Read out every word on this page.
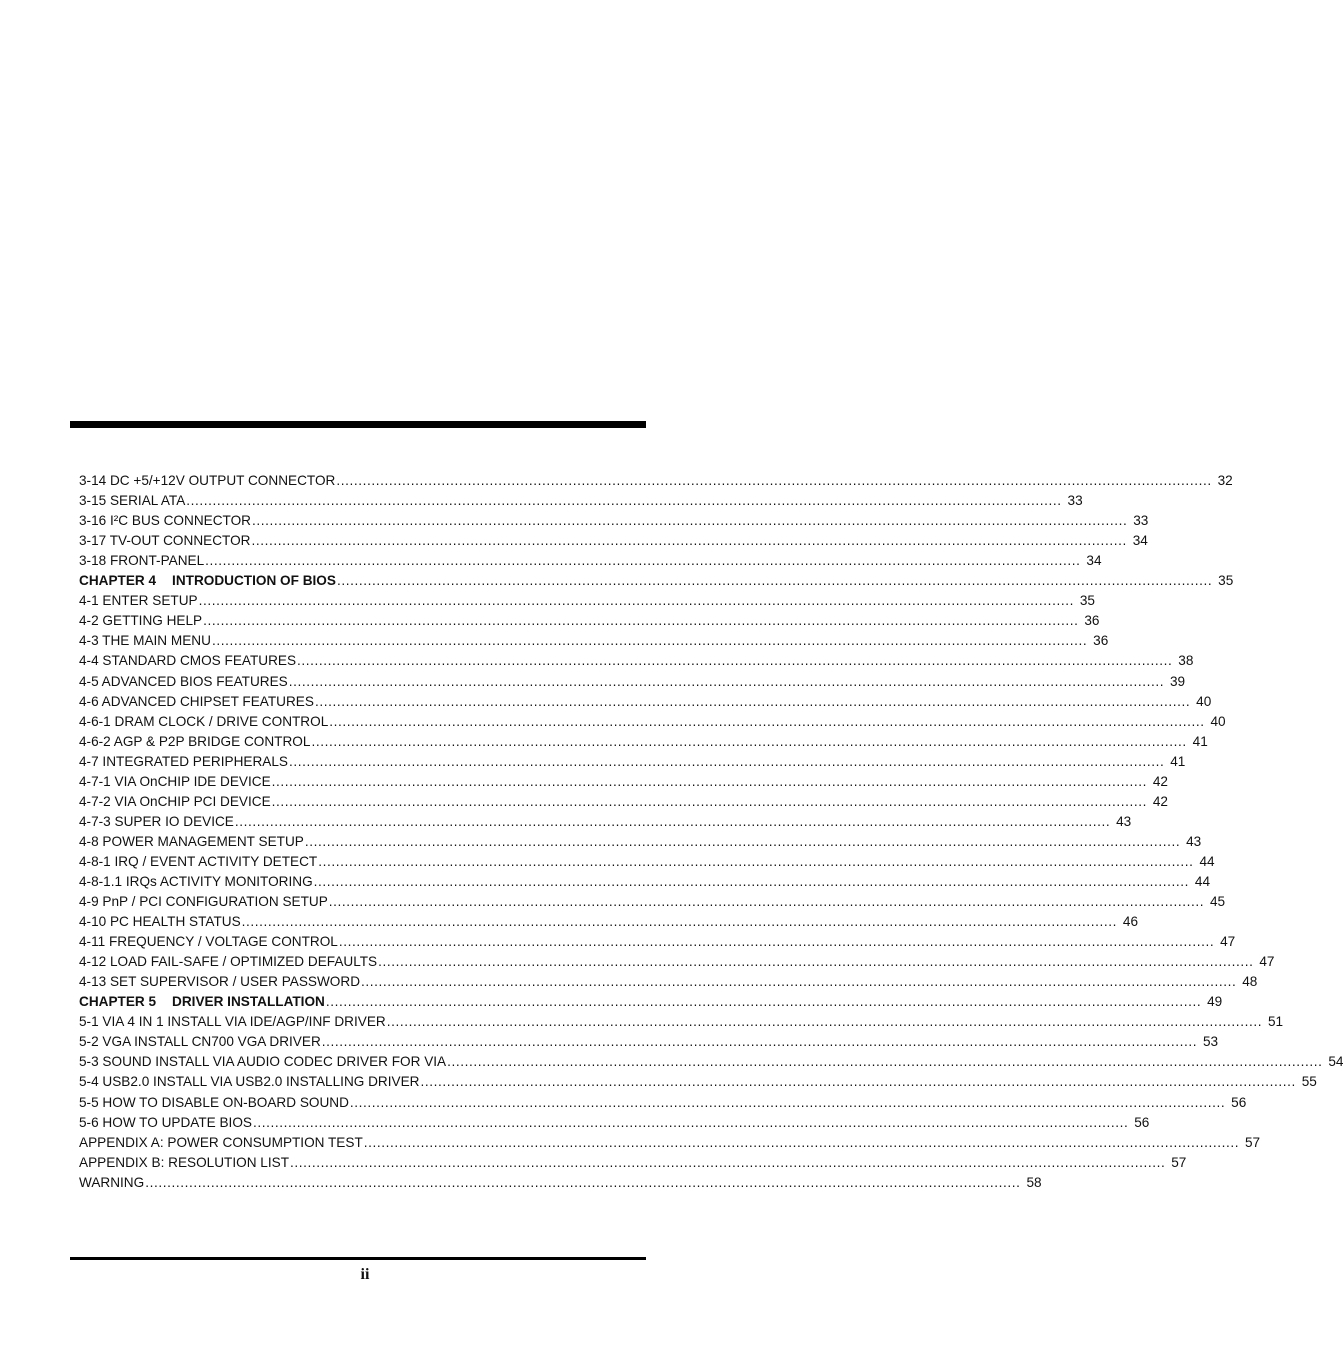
3-14 DC +5/+12V OUTPUT CONNECTOR ........................................................................................................................................................................................................ 32
3-15 SERIAL ATA ........................................................................................................................................................................................................ 33
3-16 I²C BUS CONNECTOR ........................................................................................................................................................................................................ 33
3-17 TV-OUT CONNECTOR ........................................................................................................................................................................................................ 34
3-18 FRONT-PANEL ........................................................................................................................................................................................................ 34
CHAPTER 4 INTRODUCTION OF BIOS ........................................................................................................................................................................................................ 35
4-1 ENTER SETUP ........................................................................................................................................................................................................ 35
4-2 GETTING HELP ........................................................................................................................................................................................................ 36
4-3 THE MAIN MENU ........................................................................................................................................................................................................ 36
4-4 STANDARD CMOS FEATURES ........................................................................................................................................................................................................ 38
4-5 ADVANCED BIOS FEATURES ........................................................................................................................................................................................................ 39
4-6 ADVANCED CHIPSET FEATURES ........................................................................................................................................................................................................ 40
4-6-1 DRAM CLOCK / DRIVE CONTROL ........................................................................................................................................................................................................ 40
4-6-2 AGP & P2P BRIDGE CONTROL ........................................................................................................................................................................................................ 41
4-7 INTEGRATED PERIPHERALS ........................................................................................................................................................................................................ 41
4-7-1 VIA OnCHIP IDE DEVICE ........................................................................................................................................................................................................ 42
4-7-2 VIA OnCHIP PCI DEVICE ........................................................................................................................................................................................................ 42
4-7-3 SUPER IO DEVICE ........................................................................................................................................................................................................ 43
4-8 POWER MANAGEMENT SETUP ........................................................................................................................................................................................................ 43
4-8-1 IRQ / EVENT ACTIVITY DETECT ........................................................................................................................................................................................................ 44
4-8-1.1 IRQs ACTIVITY MONITORING ........................................................................................................................................................................................................ 44
4-9 PnP / PCI CONFIGURATION SETUP ........................................................................................................................................................................................................ 45
4-10 PC HEALTH STATUS ........................................................................................................................................................................................................ 46
4-11 FREQUENCY / VOLTAGE CONTROL ........................................................................................................................................................................................................ 47
4-12 LOAD FAIL-SAFE / OPTIMIZED DEFAULTS ........................................................................................................................................................................................................ 47
4-13 SET SUPERVISOR / USER PASSWORD ........................................................................................................................................................................................................ 48
CHAPTER 5 DRIVER INSTALLATION ........................................................................................................................................................................................................ 49
5-1 VIA 4 IN 1 INSTALL VIA IDE/AGP/INF DRIVER ........................................................................................................................................................................................................ 51
5-2 VGA INSTALL CN700 VGA DRIVER ........................................................................................................................................................................................................ 53
5-3 SOUND INSTALL VIA AUDIO CODEC DRIVER FOR VIA ........................................................................................................................................................................................................ 54
5-4 USB2.0 INSTALL VIA USB2.0 INSTALLING DRIVER ........................................................................................................................................................................................................ 55
5-5 HOW TO DISABLE ON-BOARD SOUND ........................................................................................................................................................................................................ 56
5-6 HOW TO UPDATE BIOS ........................................................................................................................................................................................................ 56
APPENDIX A: POWER CONSUMPTION TEST ........................................................................................................................................................................................................ 57
APPENDIX B: RESOLUTION LIST ........................................................................................................................................................................................................ 57
WARNING ........................................................................................................................................................................................................ 58
ii
